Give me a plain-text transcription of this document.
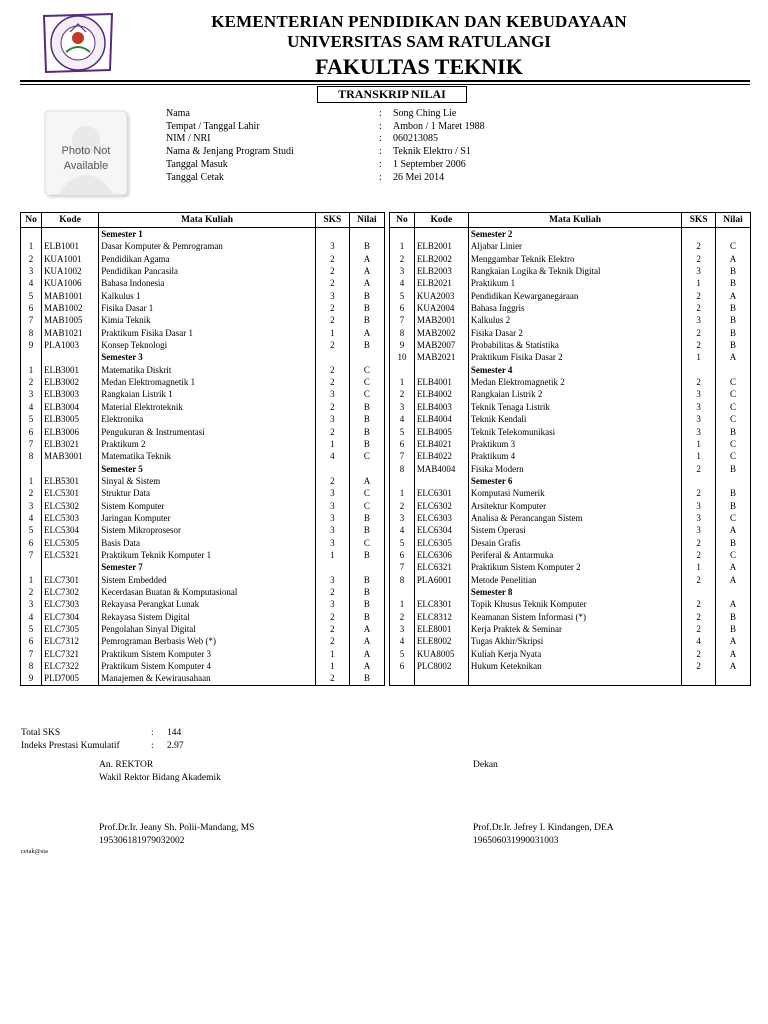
KEMENTERIAN PENDIDIKAN DAN KEBUDAYAAN
UNIVERSITAS SAM RATULANGI
FAKULTAS TEKNIK
TRANSKRIP NILAI
Photo Not
Available
Nama	:	Song Ching Lie
Tempat / Tanggal Lahir	:	Ambon / 1 Maret 1988
NIM / NRI	:	060213085
Nama & Jenjang Program Studi	:	Teknik Elektro / S1
Tanggal Masuk	:	1 September 2006
Tanggal Cetak	:	26 Mei 2014
No	Kode	Mata Kuliah	SKS	Nilai
		Semester 1		
1	ELB1001	Dasar Komputer & Pemrograman	3	B
2	KUA1001	Pendidikan Agama	2	A
3	KUA1002	Pendidikan Pancasila	2	A
4	KUA1006	Bahasa Indonesia	2	A
5	MAB1001	Kalkulus 1	3	B
6	MAB1002	Fisika Dasar 1	2	B
7	MAB1005	Kimia Teknik	2	B
8	MAB1021	Praktikum Fisika Dasar 1	1	A
9	PLA1003	Konsep Teknologi	2	B
		Semester 3		
1	ELB3001	Matematika Diskrit	2	C
2	ELB3002	Medan Elektromagnetik 1	2	C
3	ELB3003	Rangkaian Listrik 1	3	C
4	ELB3004	Material Elektroteknik	2	B
5	ELB3005	Elektronika	3	B
6	ELB3006	Pengukuran & Instrumentasi	2	B
7	ELB3021	Praktikum 2	1	B
8	MAB3001	Matematika Teknik	4	C
		Semester 5		
1	ELB5301	Sinyal & Sistem	2	A
2	ELC5301	Struktur Data	3	C
3	ELC5302	Sistem Komputer	3	C
4	ELC5303	Jaringan Komputer	3	B
5	ELC5304	Sistem Mikroprosesor	3	B
6	ELC5305	Basis Data	3	C
7	ELC5321	Praktikum Teknik Komputer 1	1	B
		Semester 7		
1	ELC7301	Sistem Embedded	3	B
2	ELC7302	Kecerdasan Buatan & Komputasional	2	B
3	ELC7303	Rekayasa Perangkat Lunak	3	B
4	ELC7304	Rekayasa Sistem Digital	2	B
5	ELC7305	Pengolahan Sinyal Digital	2	A
6	ELC7312	Pemrograman Berbasis Web (*)	2	A
7	ELC7321	Praktikum Sistem Komputer 3	1	A
8	ELC7322	Praktikum Sistem Komputer 4	1	A
9	PLD7005	Manajemen & Kewirausahaan	2	B
No	Kode	Mata Kuliah	SKS	Nilai
		Semester 2		
1	ELB2001	Aljabar Linier	2	C
2	ELB2002	Menggambar Teknik Elektro	2	A
3	ELB2003	Rangkaian Logika & Teknik Digital	3	B
4	ELB2021	Praktikum 1	1	B
5	KUA2003	Pendidikan Kewarganegaraan	2	A
6	KUA2004	Bahasa Inggris	2	B
7	MAB2001	Kalkulus 2	3	B
8	MAB2002	Fisika Dasar 2	2	B
9	MAB2007	Probabilitas & Statistika	2	B
10	MAB2021	Praktikum Fisika Dasar 2	1	A
		Semester 4		
1	ELB4001	Medan Elektromagnetik 2	2	C
2	ELB4002	Rangkaian Listrik 2	3	C
3	ELB4003	Teknik Tenaga Listrik	3	C
4	ELB4004	Teknik Kendali	3	C
5	ELB4005	Teknik Telekomunikasi	3	B
6	ELB4021	Praktikum 3	1	C
7	ELB4022	Praktikum 4	1	C
8	MAB4004	Fisika Modern	2	B
		Semester 6		
1	ELC6301	Komputasi Numerik	2	B
2	ELC6302	Arsitektur Komputer	3	B
3	ELC6303	Analisa & Perancangan Sistem	3	C
4	ELC6304	Sistem Operasi	3	A
5	ELC6305	Desain Grafis	2	B
6	ELC6306	Periferal & Antarmuka	2	C
7	ELC6321	Praktikum Sistem Komputer 2	1	A
8	PLA6001	Metode Penelitian	2	A
		Semester 8		
1	ELC8301	Topik Khusus Teknik Komputer	2	A
2	ELC8312	Keamanan Sistem Informasi (*)	2	B
3	ELE8001	Kerja Praktek & Seminar	2	B
4	ELE8002	Tugas Akhir/Skripsi	4	A
5	KUA8005	Kuliah Kerja Nyata	2	A
6	PLC8002	Hukum Keteknikan	2	A

Total SKS	:	144
Indeks Prestasi Kumulatif	:	2.97
An. REKTOR
Wakil Rektor Bidang Akademik
Prof.Dr.Ir. Jeany Sh. Polii-Mandang, MS
195306181979032002
Dekan
Prof.Dr.Ir. Jefrey I. Kindangen, DEA
196506031990031003
cetak@sia
